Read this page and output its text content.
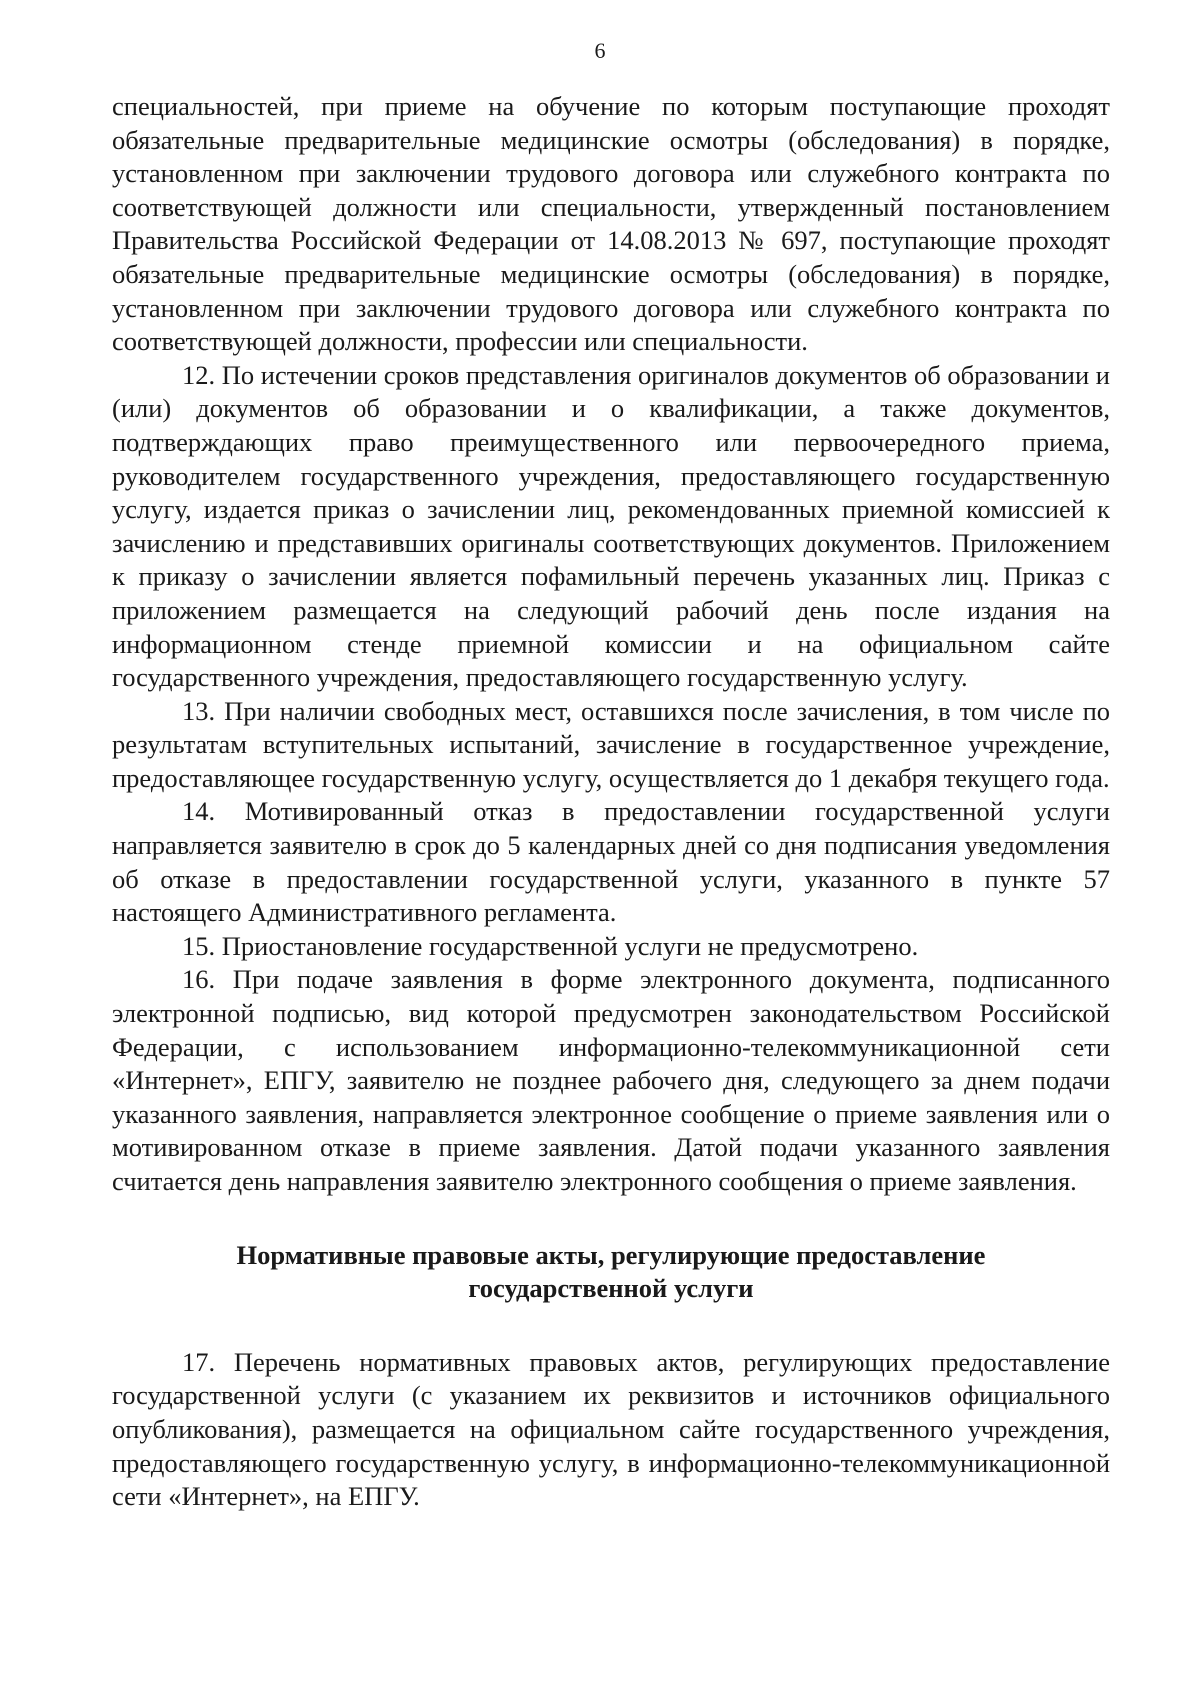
6

специальностей, при приеме на обучение по которым поступающие проходят обязательные предварительные медицинские осмотры (обследования) в порядке, установленном при заключении трудового договора или служебного контракта по соответствующей должности или специальности, утвержденный постановлением Правительства Российской Федерации от 14.08.2013 № 697, поступающие проходят обязательные предварительные медицинские осмотры (обследования) в порядке, установленном при заключении трудового договора или служебного контракта по соответствующей должности, профессии или специальности.

12. По истечении сроков представления оригиналов документов об образовании и (или) документов об образовании и о квалификации, а также документов, подтверждающих право преимущественного или первоочередного приема, руководителем государственного учреждения, предоставляющего государственную услугу, издается приказ о зачислении лиц, рекомендованных приемной комиссией к зачислению и представивших оригиналы соответствующих документов. Приложением к приказу о зачислении является пофамильный перечень указанных лиц. Приказ с приложением размещается на следующий рабочий день после издания на информационном стенде приемной комиссии и на официальном сайте государственного учреждения, предоставляющего государственную услугу.

13. При наличии свободных мест, оставшихся после зачисления, в том числе по результатам вступительных испытаний, зачисление в государственное учреждение, предоставляющее государственную услугу, осуществляется до 1 декабря текущего года.

14. Мотивированный отказ в предоставлении государственной услуги направляется заявителю в срок до 5 календарных дней со дня подписания уведомления об отказе в предоставлении государственной услуги, указанного в пункте 57 настоящего Административного регламента.

15. Приостановление государственной услуги не предусмотрено.

16. При подаче заявления в форме электронного документа, подписанного электронной подписью, вид которой предусмотрен законодательством Российской Федерации, с использованием информационно-телекоммуникационной сети «Интернет», ЕПГУ, заявителю не позднее рабочего дня, следующего за днем подачи указанного заявления, направляется электронное сообщение о приеме заявления или о мотивированном отказе в приеме заявления. Датой подачи указанного заявления считается день направления заявителю электронного сообщения о приеме заявления.

Нормативные правовые акты, регулирующие предоставление
государственной услуги

17. Перечень нормативных правовых актов, регулирующих предоставление государственной услуги (с указанием их реквизитов и источников официального опубликования), размещается на официальном сайте государственного учреждения, предоставляющего государственную услугу, в информационно-телекоммуникационной сети «Интернет», на ЕПГУ.
